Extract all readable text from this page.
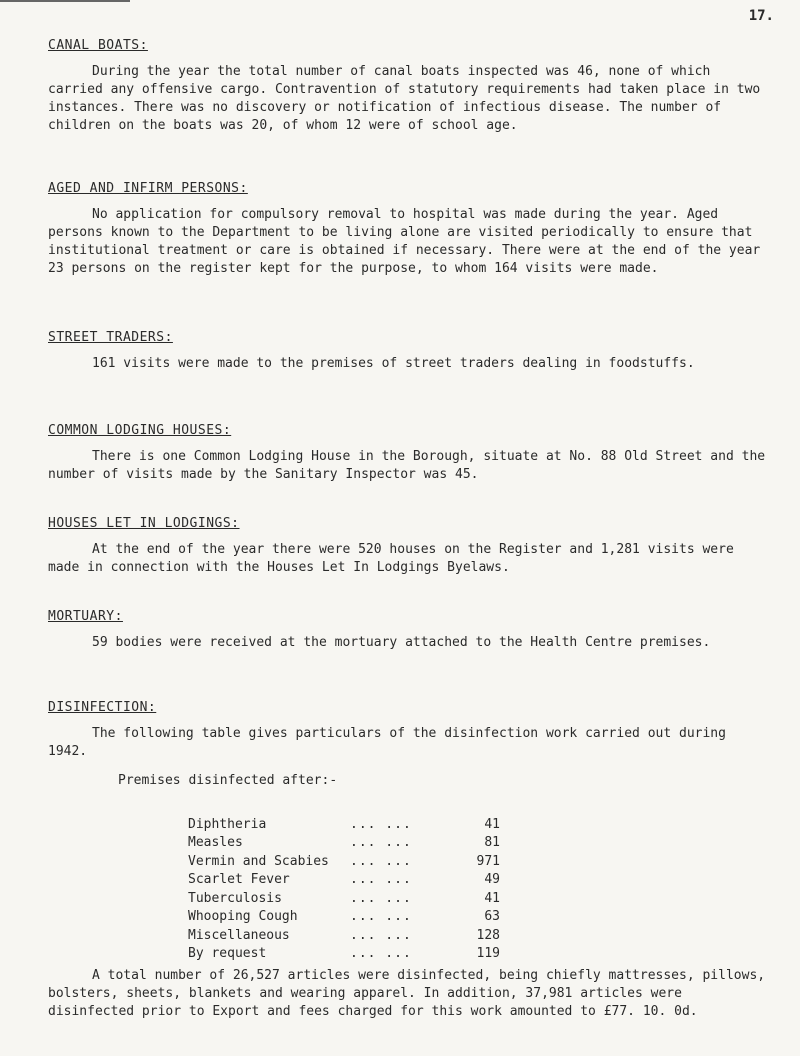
17.
CANAL BOATS:

During the year the total number of canal boats inspected was 46, none of which carried any offensive cargo. Contravention of statutory requirements had taken place in two instances. There was no discovery or notification of infectious disease. The number of children on the boats was 20, of whom 12 were of school age.

AGED AND INFIRM PERSONS:

No application for compulsory removal to hospital was made during the year. Aged persons known to the Department to be living alone are visited periodically to ensure that institutional treatment or care is obtained if necessary. There were at the end of the year 23 persons on the register kept for the purpose, to whom 164 visits were made.

STREET TRADERS:

161 visits were made to the premises of street traders dealing in foodstuffs.

COMMON LODGING HOUSES:

There is one Common Lodging House in the Borough, situate at No. 88 Old Street and the number of visits made by the Sanitary Inspector was 45.

HOUSES LET IN LODGINGS:

At the end of the year there were 520 houses on the Register and 1,281 visits were made in connection with the Houses Let In Lodgings Byelaws.

MORTUARY:

59 bodies were received at the mortuary attached to the Health Centre premises.

DISINFECTION:

The following table gives particulars of the disinfection work carried out during 1942.

Premises disinfected after:-
Diphtheria	... ...	41
Measles	... ...	81
Vermin and Scabies	... ...	971
Scarlet Fever	... ...	49
Tuberculosis	... ...	41
Whooping Cough	... ...	63
Miscellaneous	... ...	128
By request	... ...	119

A total number of 26,527 articles were disinfected, being chiefly mattresses, pillows, bolsters, sheets, blankets and wearing apparel. In addition, 37,981 articles were disinfected prior to Export and fees charged for this work amounted to £77. 10. 0d.
